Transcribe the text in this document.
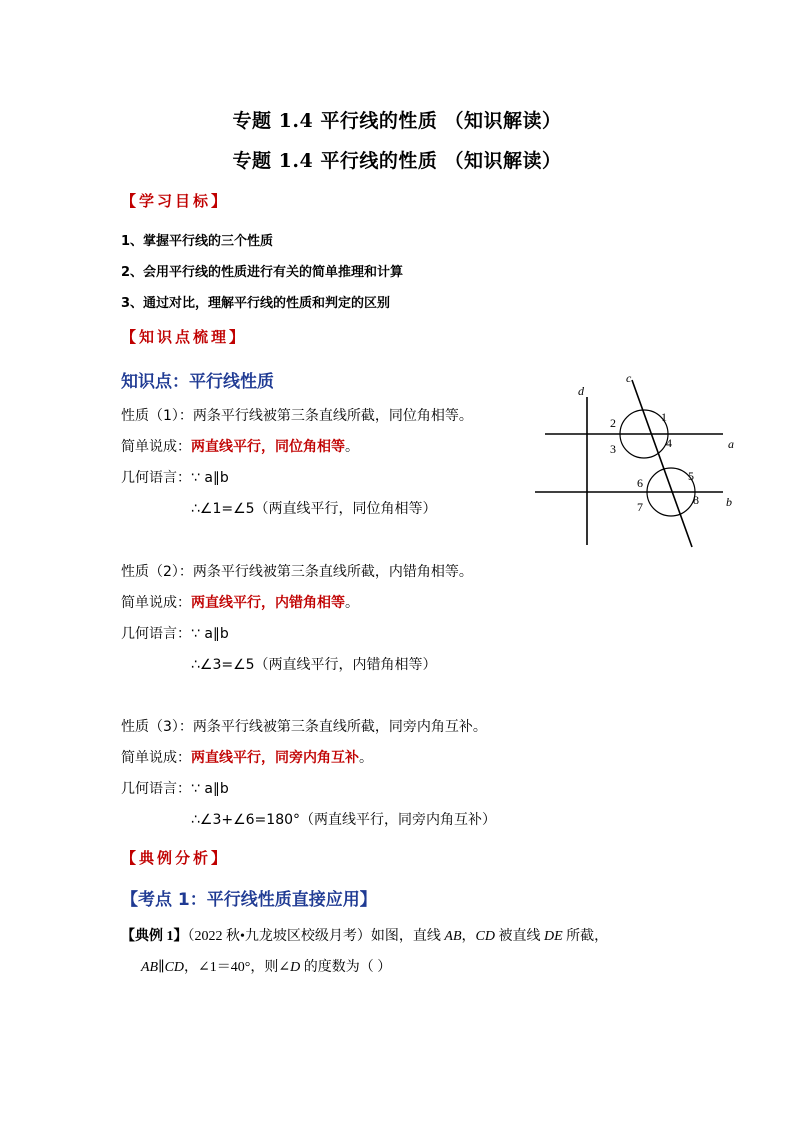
专题 1.4 平行线的性质 （知识解读）
专题 1.4 平行线的性质 （知识解读）
【学习目标】
1、掌握平行线的三个性质
2、会用平行线的性质进行有关的简单推理和计算
3、通过对比，理解平行线的性质和判定的区别
【知识点梳理】
知识点：平行线性质
性质（1）：两条平行线被第三条直线所截，同位角相等。
简单说成：两直线平行，同位角相等。
几何语言：∵ a∥b
∴∠1=∠5（两直线平行，同位角相等）
性质（2）：两条平行线被第三条直线所截，内错角相等。
简单说成：两直线平行，内错角相等。
几何语言：∵ a∥b
∴∠3=∠5（两直线平行，内错角相等）
性质（3）：两条平行线被第三条直线所截，同旁内角互补。
简单说成：两直线平行，同旁内角互补。
几何语言：∵ a∥b
∴∠3+∠6=180°（两直线平行，同旁内角互补）
d
c
a
b
1
2
3	4
5
6
7	8
【典例分析】
【考点 1：平行线性质直接应用】
【典例 1】（2022 秋•九龙坡区校级月考）如图，直线 AB，CD 被直线 DE 所截，
AB∥CD，∠1＝40°，则∠D 的度数为（ ）
